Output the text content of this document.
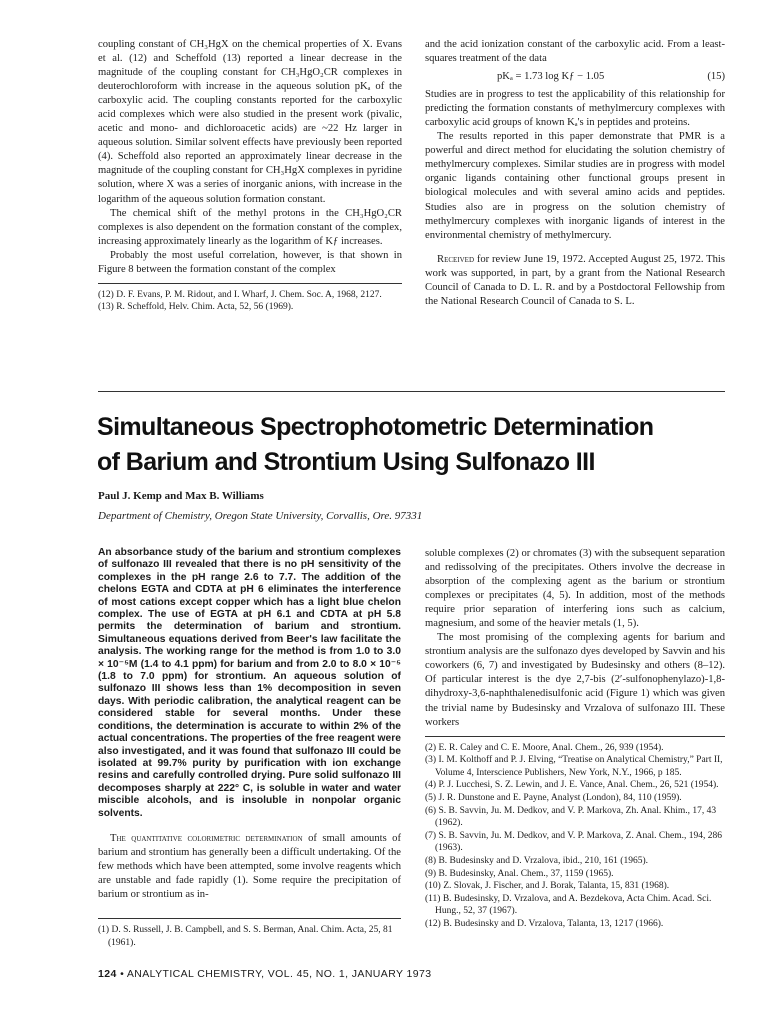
coupling constant of CH₃HgX on the chemical properties of X. Evans et al. (12) and Scheffold (13) reported a linear decrease in the magnitude of the coupling constant for CH₃HgO₂CR complexes in deuterochloroform with increase in the aqueous solution pKₐ of the carboxylic acid. The coupling constants reported for the carboxylic acid complexes which were also studied in the present work (pivalic, acetic and mono- and dichloroacetic acids) are ~22 Hz larger in aqueous solution. Similar solvent effects have previously been reported (4). Scheffold also reported an approximately linear decrease in the magnitude of the coupling constant for CH₃HgX complexes in pyridine solution, where X was a series of inorganic anions, with increase in the logarithm of the aqueous solution formation constant.

The chemical shift of the methyl protons in the CH₃HgO₂CR complexes is also dependent on the formation constant of the complex, increasing approximately linearly as the logarithm of Kƒ increases.

Probably the most useful correlation, however, is that shown in Figure 8 between the formation constant of the complex

(12) D. F. Evans, P. M. Ridout, and I. Wharf, J. Chem. Soc. A, 1968, 2127.
(13) R. Scheffold, Helv. Chim. Acta, 52, 56 (1969).

and the acid ionization constant of the carboxylic acid. From a least-squares treatment of the data

pKₐ = 1.73 log Kƒ − 1.05	(15)

Studies are in progress to test the applicability of this relationship for predicting the formation constants of methylmercury complexes with carboxylic acid groups of known Kₐ's in peptides and proteins.

The results reported in this paper demonstrate that PMR is a powerful and direct method for elucidating the solution chemistry of methylmercury complexes. Similar studies are in progress with model organic ligands containing other functional groups present in biological molecules and with several amino acids and peptides. Studies also are in progress on the solution chemistry of methylmercury complexes with inorganic ligands of interest in the environmental chemistry of methylmercury.

Received for review June 19, 1972. Accepted August 25, 1972. This work was supported, in part, by a grant from the National Research Council of Canada to D. L. R. and by a Postdoctoral Fellowship from the National Research Council of Canada to S. L.

Simultaneous Spectrophotometric Determination
of Barium and Strontium Using Sulfonazo III
Paul J. Kemp and Max B. Williams
Department of Chemistry, Oregon State University, Corvallis, Ore. 97331

An absorbance study of the barium and strontium complexes of sulfonazo III revealed that there is no pH sensitivity of the complexes in the pH range 2.6 to 7.7. The addition of the chelons EGTA and CDTA at pH 6 eliminates the interference of most cations except copper which has a light blue chelon complex. The use of EGTA at pH 6.1 and CDTA at pH 5.8 permits the determination of barium and strontium. Simultaneous equations derived from Beer's law facilitate the analysis. The working range for the method is from 1.0 to 3.0 × 10⁻⁵M (1.4 to 4.1 ppm) for barium and from 2.0 to 8.0 × 10⁻⁵ (1.8 to 7.0 ppm) for strontium. An aqueous solution of sulfonazo III shows less than 1% decomposition in seven days. With periodic calibration, the analytical reagent can be considered stable for several months. Under these conditions, the determination is accurate to within 2% of the actual concentrations. The properties of the free reagent were also investigated, and it was found that sulfonazo III could be isolated at 99.7% purity by purification with ion exchange resins and carefully controlled drying. Pure solid sulfonazo III decomposes sharply at 222° C, is soluble in water and water miscible alcohols, and is insoluble in nonpolar organic solvents.

The quantitative colorimetric determination of small amounts of barium and strontium has generally been a difficult undertaking. Of the few methods which have been attempted, some involve reagents which are unstable and fade rapidly (1). Some require the precipitation of barium or strontium as in-

(1) D. S. Russell, J. B. Campbell, and S. S. Berman, Anal. Chim. Acta, 25, 81 (1961).

soluble complexes (2) or chromates (3) with the subsequent separation and redissolving of the precipitates. Others involve the decrease in absorption of the complexing agent as the barium or strontium complexes or precipitates (4, 5). In addition, most of the methods require prior separation of interfering ions such as calcium, magnesium, and some of the heavier metals (1, 5).

The most promising of the complexing agents for barium and strontium analysis are the sulfonazo dyes developed by Savvin and his coworkers (6, 7) and investigated by Budesinsky and others (8–12). Of particular interest is the dye 2,7-bis (2′-sulfonophenylazo)-1,8-dihydroxy-3,6-naphthalenedisulfonic acid (Figure 1) which was given the trivial name by Budesinsky and Vrzalova of sulfonazo III. These workers

(2) E. R. Caley and C. E. Moore, Anal. Chem., 26, 939 (1954).
(3) I. M. Kolthoff and P. J. Elving, “Treatise on Analytical Chemistry,” Part II, Volume 4, Interscience Publishers, New York, N.Y., 1966, p 185.
(4) P. J. Lucchesi, S. Z. Lewin, and J. E. Vance, Anal. Chem., 26, 521 (1954).
(5) J. R. Dunstone and E. Payne, Analyst (London), 84, 110 (1959).
(6) S. B. Savvin, Ju. M. Dedkov, and V. P. Markova, Zh. Anal. Khim., 17, 43 (1962).
(7) S. B. Savvin, Ju. M. Dedkov, and V. P. Markova, Z. Anal. Chem., 194, 286 (1963).
(8) B. Budesinsky and D. Vrzalova, ibid., 210, 161 (1965).
(9) B. Budesinsky, Anal. Chem., 37, 1159 (1965).
(10) Z. Slovak, J. Fischer, and J. Borak, Talanta, 15, 831 (1968).
(11) B. Budesinsky, D. Vrzalova, and A. Bezdekova, Acta Chim. Acad. Sci. Hung., 52, 37 (1967).
(12) B. Budesinsky and D. Vrzalova, Talanta, 13, 1217 (1966).
124 • ANALYTICAL CHEMISTRY, VOL. 45, NO. 1, JANUARY 1973
